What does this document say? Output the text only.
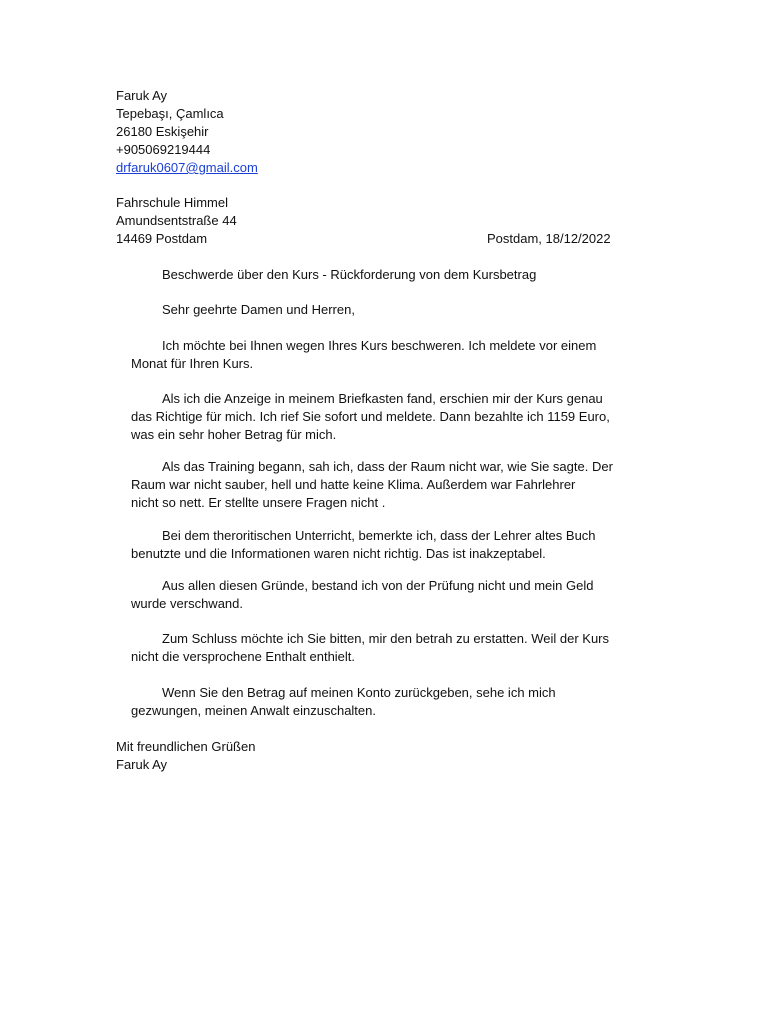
Faruk Ay
Tepebaşı, Çamlıca
26180 Eskişehir
+905069219444
drfaruk0607@gmail.com
Fahrschule Himmel
Amundsentstraße 44
14469 Postdam	Postdam, 18/12/2022
Beschwerde über den Kurs - Rückforderung von dem Kursbetrag
Sehr geehrte Damen und Herren,
Ich möchte bei Ihnen wegen Ihres Kurs beschweren. Ich meldete vor einem
Monat für Ihren Kurs.
Als ich die Anzeige in meinem Briefkasten fand, erschien mir der Kurs genau
das Richtige für mich. Ich rief Sie sofort und meldete. Dann bezahlte ich 1159 Euro,
was ein sehr hoher Betrag für mich.
Als das Training begann, sah ich, dass der Raum nicht war, wie Sie sagte. Der
Raum war nicht sauber, hell und hatte keine Klima. Außerdem war Fahrlehrer
nicht so nett. Er stellte unsere Fragen nicht .
Bei dem theroritischen Unterricht, bemerkte ich, dass der Lehrer altes Buch
benutzte und die Informationen waren nicht richtig. Das ist inakzeptabel.
Aus allen diesen Gründe, bestand ich von der Prüfung nicht und mein Geld
wurde verschwand.
Zum Schluss möchte ich Sie bitten, mir den betrah zu erstatten. Weil der Kurs
nicht die versprochene Enthalt enthielt.
Wenn Sie den Betrag auf meinen Konto zurückgeben, sehe ich mich
gezwungen, meinen Anwalt einzuschalten.
Mit freundlichen Grüßen
Faruk Ay
